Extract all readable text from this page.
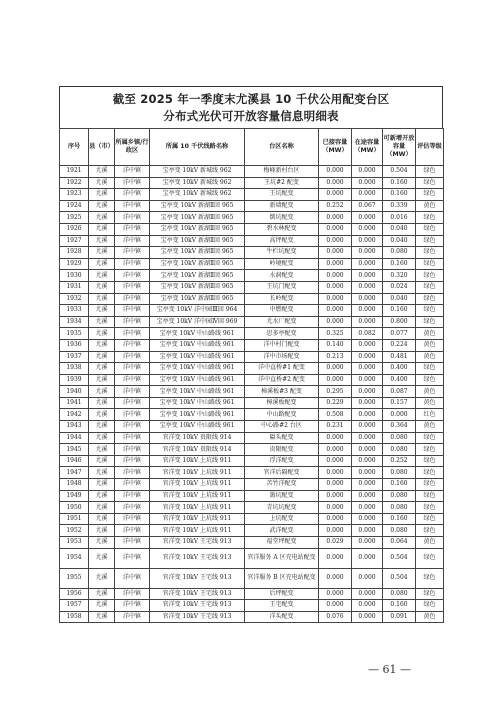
截至 2025 年一季度末尤溪县 10 千伏公用配变台区
分布式光伏可开放容量信息明细表
序号	县（市）	所属乡镇/行政区	所属 10 千伏线路名称	台区名称	已接容量（MW）	在途容量（MW）	可新增开放容量（MW）	评估等级
1921	尤溪	洋中镇	宝亭变 10kV 新城线 962	梅峰新村台区	0.000	0.000	0.504	绿色
1922	尤溪	洋中镇	宝亭变 10kV 新城线 962	王坑#2 配变	0.000	0.000	0.160	绿色
1923	尤溪	洋中镇	宝亭变 10kV 新城线 962	王坑配变	0.000	0.000	0.160	绿色
1924	尤溪	洋中镇	宝亭变 10kV 新湖Ⅱ回 965	新墙配变	0.252	0.067	0.339	黄色
1925	尤溪	洋中镇	宝亭变 10kV 新湖Ⅱ回 965	倒坑配变	0.000	0.000	0.016	绿色
1926	尤溪	洋中镇	宝亭变 10kV 新湖Ⅱ回 965	碧水林配变	0.000	0.000	0.040	绿色
1927	尤溪	洋中镇	宝亭变 10kV 新湖Ⅱ回 965	高坪配变	0.000	0.000	0.040	绿色
1928	尤溪	洋中镇	宝亭变 10kV 新湖Ⅱ回 965	牛栏坑配变	0.000	0.000	0.080	绿色
1929	尤溪	洋中镇	宝亭变 10kV 新湖Ⅱ回 965	岭境配变	0.000	0.000	0.160	绿色
1930	尤溪	洋中镇	宝亭变 10kV 新湖Ⅱ回 965	水洞配变	0.000	0.000	0.320	绿色
1931	尤溪	洋中镇	宝亭变 10kV 新湖Ⅱ回 965	王坑门配变	0.000	0.000	0.024	绿色
1932	尤溪	洋中镇	宝亭变 10kV 新湖Ⅱ回 965	长岭配变	0.000	0.000	0.040	绿色
1933	尤溪	洋中镇	宝亭变 10kV 洋中园Ⅲ回 964	中燃配变	0.000	0.000	0.160	绿色
1934	尤溪	洋中镇	宝亭变 10kV 洋中园Ⅳ回 969	尤水厂配变	0.000	0.000	0.800	绿色
1935	尤溪	洋中镇	宝亭变 10kV 中山路线 961	思多亭配变	0.325	0.082	0.077	黄色
1936	尤溪	洋中镇	宝亭变 10kV 中山路线 961	洋中村门配变	0.140	0.000	0.224	黄色
1937	尤溪	洋中镇	宝亭变 10kV 中山路线 961	洋中市场配变	0.213	0.000	0.481	黄色
1938	尤溪	洋中镇	宝亭变 10kV 中山路线 961	洋中直桥#1 配变	0.000	0.000	0.400	绿色
1939	尤溪	洋中镇	宝亭变 10kV 中山路线 961	洋中直桥#2 配变	0.000	0.000	0.400	绿色
1940	尤溪	洋中镇	宝亭变 10kV 中山路线 961	樟溪板#3 配变	0.295	0.000	0.087	黄色
1941	尤溪	洋中镇	宝亭变 10kV 中山路线 961	樟溪板配变	0.229	0.000	0.157	黄色
1942	尤溪	洋中镇	宝亭变 10kV 中山路线 961	中山路配变	0.508	0.000	0.000	红色
1943	尤溪	洋中镇	宝亭变 10kV 中山路线 961	中心路#2 台区	0.231	0.000	0.364	黄色
1944	尤溪	洋中镇	官洋变 10kV 贵限线 914	隘头配变	0.000	0.000	0.080	绿色
1945	尤溪	洋中镇	官洋变 10kV 贵限线 914	贵限配变	0.000	0.000	0.080	绿色
1946	尤溪	洋中镇	官洋变 10kV 上坑线 911	浮洋配变	0.000	0.000	0.252	绿色
1947	尤溪	洋中镇	官洋变 10kV 上坑线 911	官洋后隔配变	0.000	0.000	0.080	绿色
1948	尤溪	洋中镇	官洋变 10kV 上坑线 911	苦竹洋配变	0.000	0.000	0.160	绿色
1949	尤溪	洋中镇	官洋变 10kV 上坑线 911	篱坑配变	0.000	0.000	0.080	绿色
1950	尤溪	洋中镇	官洋变 10kV 上坑线 911	青坑坑配变	0.000	0.000	0.080	绿色
1951	尤溪	洋中镇	官洋变 10kV 上坑线 911	上坑配变	0.000	0.000	0.160	绿色
1952	尤溪	洋中镇	官洋变 10kV 上坑线 911	武洋配变	0.000	0.000	0.080	绿色
1953	尤溪	洋中镇	官洋变 10kV 王宅线 913	福堂坪配变	0.029	0.000	0.064	黄色
1954	尤溪	洋中镇	官洋变 10kV 王宅线 913	官洋服务 A 区充电站配变	0.000	0.000	0.504	绿色
1955	尤溪	洋中镇	官洋变 10kV 王宅线 913	官洋服务 B 区充电站配变	0.000	0.000	0.504	绿色
1956	尤溪	洋中镇	官洋变 10kV 王宅线 913	后坪配变	0.000	0.000	0.080	绿色
1957	尤溪	洋中镇	官洋变 10kV 王宅线 913	王宅配变	0.000	0.000	0.160	绿色
1958	尤溪	洋中镇	官洋变 10kV 王宅线 913	洋头配变	0.076	0.000	0.091	黄色
— 61 —
